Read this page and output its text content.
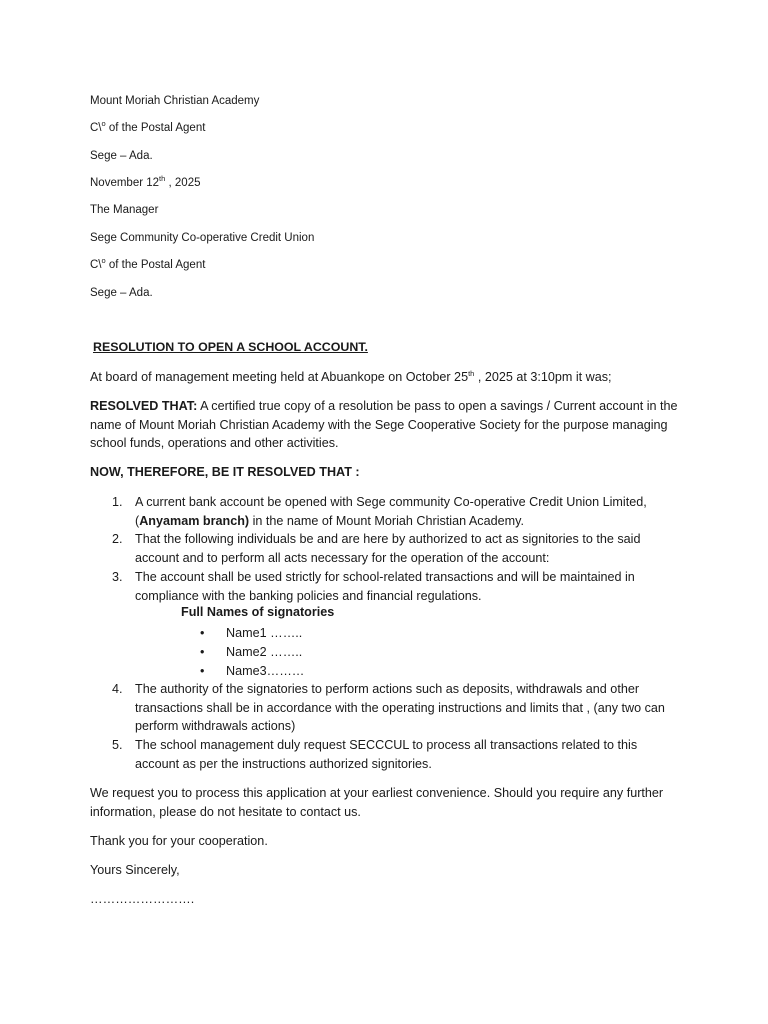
Mount Moriah Christian Academy
C\$^o$ of the Postal Agent
Sege – Ada.
November 12th , 2025
The Manager
Sege Community Co-operative Credit Union
C\$^o$ of the Postal Agent
Sege – Ada.
RESOLUTION TO OPEN A SCHOOL ACCOUNT.
At board of management meeting held at Abuankope on October 25th , 2025 at 3:10pm it was;
RESOLVED THAT: A certified true copy of a resolution be pass to open a savings / Current account in the name of Mount Moriah Christian Academy with the Sege Cooperative Society for the purpose managing school funds, operations and other activities.
NOW, THEREFORE, BE IT RESOLVED THAT :
1. A current bank account be opened with Sege community Co-operative Credit Union Limited, (Anyamam branch) in the name of Mount Moriah Christian Academy.
2. That the following individuals be and are here by authorized to act as signitories to the said account and to perform all acts necessary for the operation of the account:
3. The account shall be used strictly for school-related transactions and will be maintained in compliance with the banking policies and financial regulations.
Full Names of signatories
• Name1 ……..
• Name2 ……..
• Name3………
4. The authority of the signatories to perform actions such as deposits, withdrawals and other transactions shall be in accordance with the operating instructions and limits that , (any two can perform withdrawals actions)
5. The school management duly request SECCCUL to process all transactions related to this account as per the instructions authorized signitories.
We request you to process this application at your earliest convenience. Should you require any further information, please do not hesitate to contact us.
Thank you for your cooperation.
Yours Sincerely,
…………………….
